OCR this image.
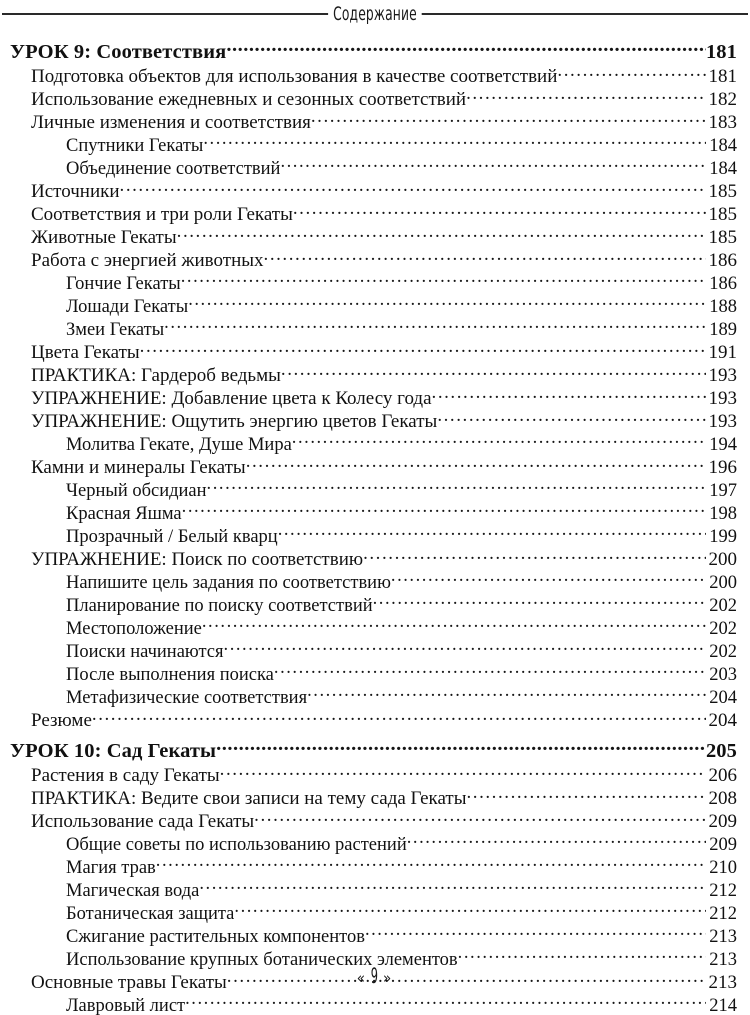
Содержание
УРОК 9: Соответствия .....	181
Подготовка объектов для использования в качестве соответствий .....	181
Использование ежедневных и сезонных соответствий .....	182
Личные изменения и соответствия .....	183
Спутники Гекаты .....	184
Объединение соответствий .....	184
Источники .....	185
Соответствия и три роли Гекаты .....	185
Животные Гекаты .....	185
Работа с энергией животных .....	186
Гончие Гекаты .....	186
Лошади Гекаты .....	188
Змеи Гекаты .....	189
Цвета Гекаты .....	191
ПРАКТИКА: Гардероб ведьмы .....	193
УПРАЖНЕНИЕ: Добавление цвета к Колесу года .....	193
УПРАЖНЕНИЕ: Ощутить энергию цветов Гекаты .....	193
Молитва Гекате, Душе Мира .....	194
Камни и минералы Гекаты .....	196
Черный обсидиан .....	197
Красная Яшма .....	198
Прозрачный / Белый кварц .....	199
УПРАЖНЕНИЕ: Поиск по соответствию .....	200
Напишите цель задания по соответствию .....	200
Планирование по поиску соответствий .....	202
Местоположение .....	202
Поиски начинаются .....	202
После выполнения поиска .....	203
Метафизические соответствия .....	204
Резюме .....	204
УРОК 10: Сад Гекаты .....	205
Растения в саду Гекаты .....	206
ПРАКТИКА: Ведите свои записи на тему сада Гекаты .....	208
Использование сада Гекаты .....	209
Общие советы по использованию растений .....	209
Магия трав .....	210
Магическая вода .....	212
Ботаническая защита .....	212
Сжигание растительных компонентов .....	213
Использование крупных ботанических элементов .....	213
Основные травы Гекаты .....	213
Лавровый лист .....	214
« 9 »
